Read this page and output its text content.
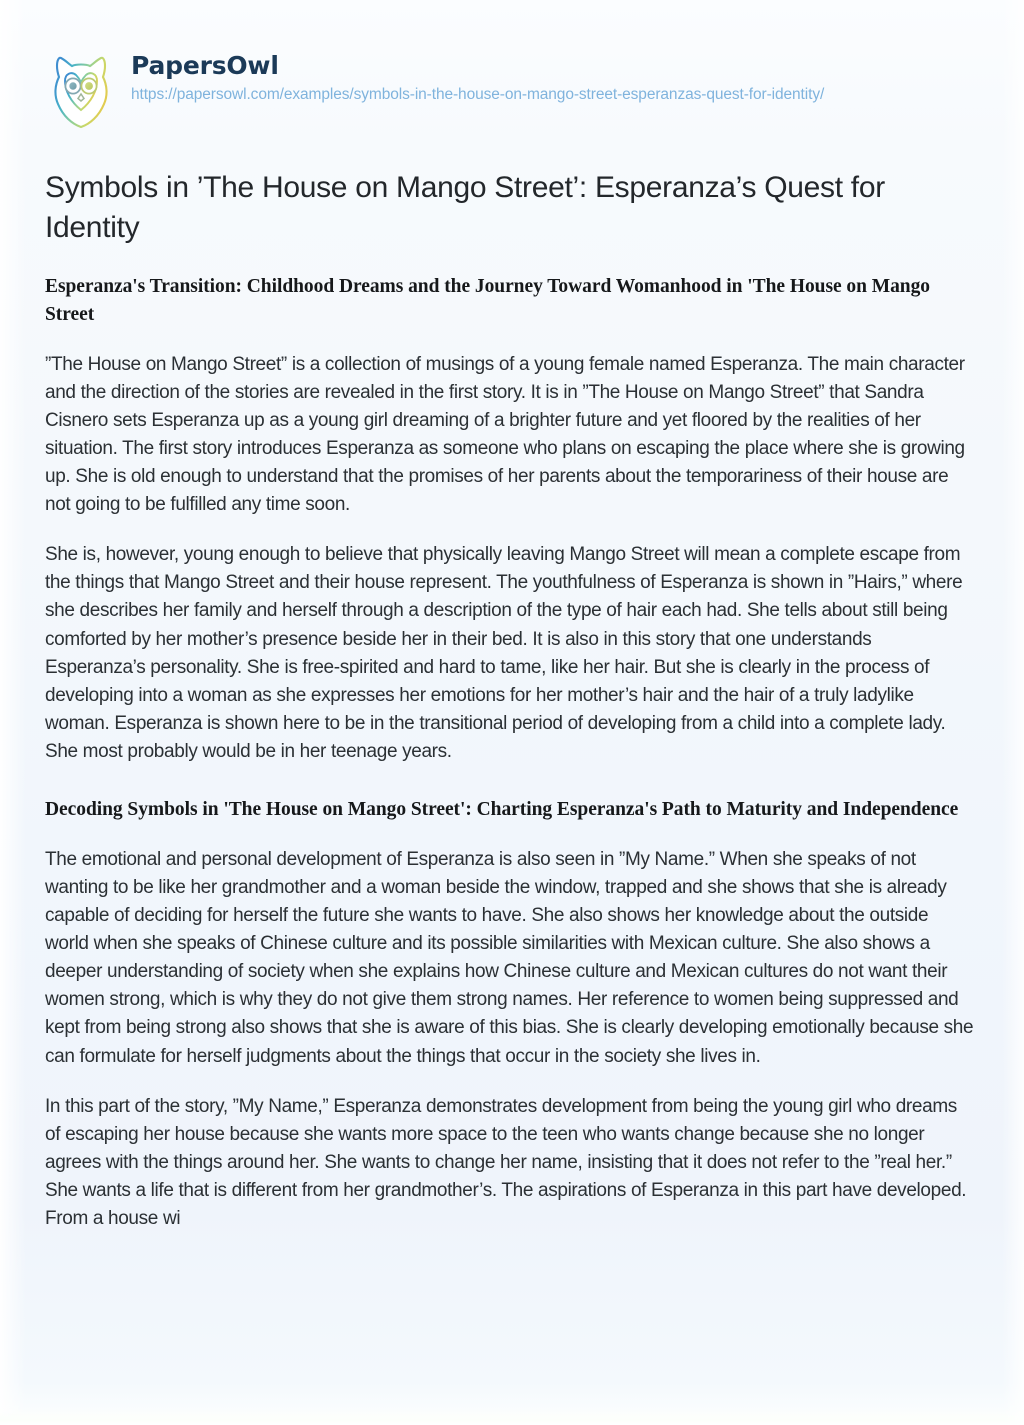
PapersOwl
https://papersowl.com/examples/symbols-in-the-house-on-mango-street-esperanzas-quest-for-identity/
Symbols in ’The House on Mango Street’: Esperanza’s Quest for Identity
Esperanza's Transition: Childhood Dreams and the Journey Toward Womanhood in 'The House on Mango Street

”The House on Mango Street” is a collection of musings of a young female named Esperanza. The main character and the direction of the stories are revealed in the first story. It is in ”The House on Mango Street” that Sandra Cisnero sets Esperanza up as a young girl dreaming of a brighter future and yet floored by the realities of her situation. The first story introduces Esperanza as someone who plans on escaping the place where she is growing up. She is old enough to understand that the promises of her parents about the temporariness of their house are not going to be fulfilled any time soon.

She is, however, young enough to believe that physically leaving Mango Street will mean a complete escape from the things that Mango Street and their house represent. The youthfulness of Esperanza is shown in ”Hairs,” where she describes her family and herself through a description of the type of hair each had. She tells about still being comforted by her mother’s presence beside her in their bed. It is also in this story that one understands Esperanza’s personality. She is free-spirited and hard to tame, like her hair. But she is clearly in the process of developing into a woman as she expresses her emotions for her mother’s hair and the hair of a truly ladylike woman. Esperanza is shown here to be in the transitional period of developing from a child into a complete lady. She most probably would be in her teenage years.

Decoding Symbols in 'The House on Mango Street': Charting Esperanza's Path to Maturity and Independence

The emotional and personal development of Esperanza is also seen in ”My Name.” When she speaks of not wanting to be like her grandmother and a woman beside the window, trapped and she shows that she is already capable of deciding for herself the future she wants to have. She also shows her knowledge about the outside world when she speaks of Chinese culture and its possible similarities with Mexican culture. She also shows a deeper understanding of society when she explains how Chinese culture and Mexican cultures do not want their women strong, which is why they do not give them strong names. Her reference to women being suppressed and kept from being strong also shows that she is aware of this bias. She is clearly developing emotionally because she can formulate for herself judgments about the things that occur in the society she lives in.

In this part of the story, ”My Name,” Esperanza demonstrates development from being the young girl who dreams of escaping her house because she wants more space to the teen who wants change because she no longer agrees with the things around her. She wants to change her name, insisting that it does not refer to the ”real her.” She wants a life that is different from her grandmother’s. The aspirations of Esperanza in this part have developed. From a house wi
